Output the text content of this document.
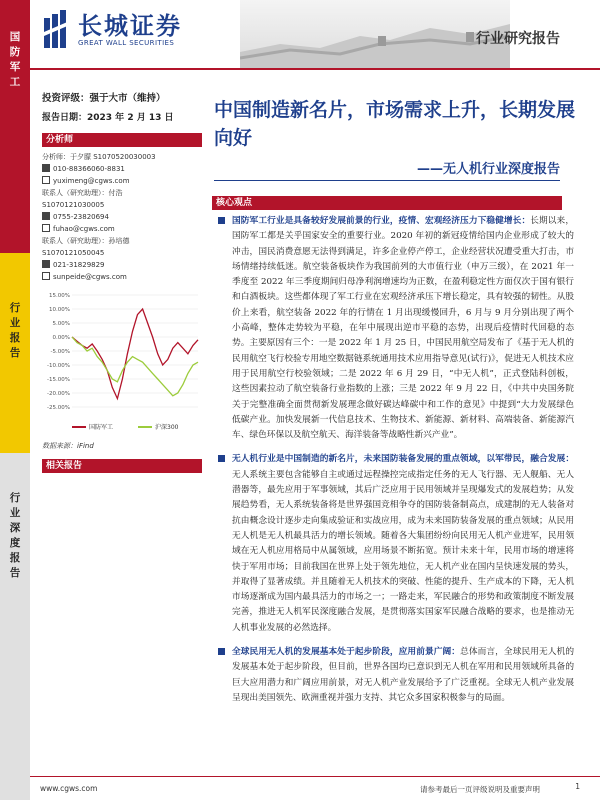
国防军工
行业报告
行业深度报告
长城证券
GREAT WALL SECURITIES	行业研究报告
投资评级：强于大市（维持）
报告日期：2023 年 2 月 13 日
分析师
分析师：于夕朦 S1070520030003
010-88366060-8831
yuximeng@cgws.com
联系人（研究助理）：付浩
S1070121030005
0755-23820694
fuhao@cgws.com
联系人（研究助理）：孙培德
S1070121050045
021-31829829
sunpeide@cgws.com
15.00%
10.00%
5.00%
0.00%
-5.00%
-10.00%
-15.00%
-20.00%
-25.00%
国防军工	沪深300
数据来源：iFind
相关报告
中国制造新名片，市场需求上升，长期发展向好
——无人机行业深度报告
核心观点
国防军工行业是具备较好发展前景的行业，疫情、宏观经济压力下稳健增长：长期以来，国防军工都是关乎国家安全的重要行业。2020 年初的新冠疫情给国内企业形成了较大的冲击，国民消费意愿无法得到满足，许多企业停产停工，企业经营状况遭受重大打击，市场情绪持续低迷。航空装备板块作为我国前列的大市值行业（申万三级），在 2021 年一季度至 2022 年三季度期间归母净利润增速均为正数，在盈利稳定性方面仅次于国有银行和白酒板块。这些都体现了军工行业在宏观经济承压下增长稳定，具有较强的韧性。从股价上来看，航空装备 2022 年的行情在 1 月出现缓慢回升，6 月与 9 月分别出现了两个小高峰，整体走势较为平稳，在年中展现出逆市平稳的态势，出现后疫情时代回稳的态势。主要原因有三个：一是 2022 年 1 月 25 日，中国民用航空局发布了《基于无人机的民用航空飞行校验专用地空数据链系统通用技术应用指导意见(试行)》，促进无人机技术应用于民用航空行校验领域；二是 2022 年 6 月 29 日，“中无人机”，正式登陆科创板，这些因素拉动了航空装备行业指数的上涨；三是 2022 年 9 月 22 日，《中共中央国务院关于完整准确全面贯彻新发展理念做好碳达峰碳中和工作的意见》中提到“大力发展绿色低碳产业。加快发展新一代信息技术、生物技术、新能源、新材料、高端装备、新能源汽车、绿色环保以及航空航天、海洋装备等战略性新兴产业”。
无人机行业是中国制造的新名片，未来国防装备发展的重点领域，以军带民，融合发展：无人系统主要包含能够自主或通过远程操控完成指定任务的无人飞行器、无人舰船、无人潜器等，最先应用于军事领域，其后广泛应用于民用领域并呈现爆发式的发展趋势；从发展趋势看，无人系统装备将是世界强国竞相争夺的国防装备制高点，成建制的无人装备对抗由概念设计逐步走向集成验证和实战应用，成为未来国防装备发展的重点领域；从民用无人机是无人机最具活力的增长领域。随着各大集团纷纷向民用无人机产业进军，民用领域在无人机应用格局中从属领域，应用场景不断拓宽。预计未来十年，民用市场的增速将快于军用市场；目前我国在世界上处于领先地位，无人机产业在国内呈快速发展的势头，并取得了显著成绩。并且随着无人机技术的突破、性能的提升、生产成本的下降，无人机市场逐渐成为国内最具活力的市场之一；一路走来，军民融合的形势和政策制度不断发展完善，推进无人机军民深度融合发展，是贯彻落实国家军民融合战略的要求，也是推动无人机事业发展的必然选择。
全球民用无人机的发展基本处于起步阶段，应用前景广阔：总体而言，全球民用无人机的发展基本处于起步阶段，但目前，世界各国均已意识到无人机在军用和民用领域所具备的巨大应用潜力和广阔应用前景，对无人机产业发展给予了广泛重视。全球无人机产业发展呈现出美国领先、欧洲重视并强力支持、其它众多国家积极参与的局面。
www.cgws.com	请参考最后一页评级说明及重要声明	1
